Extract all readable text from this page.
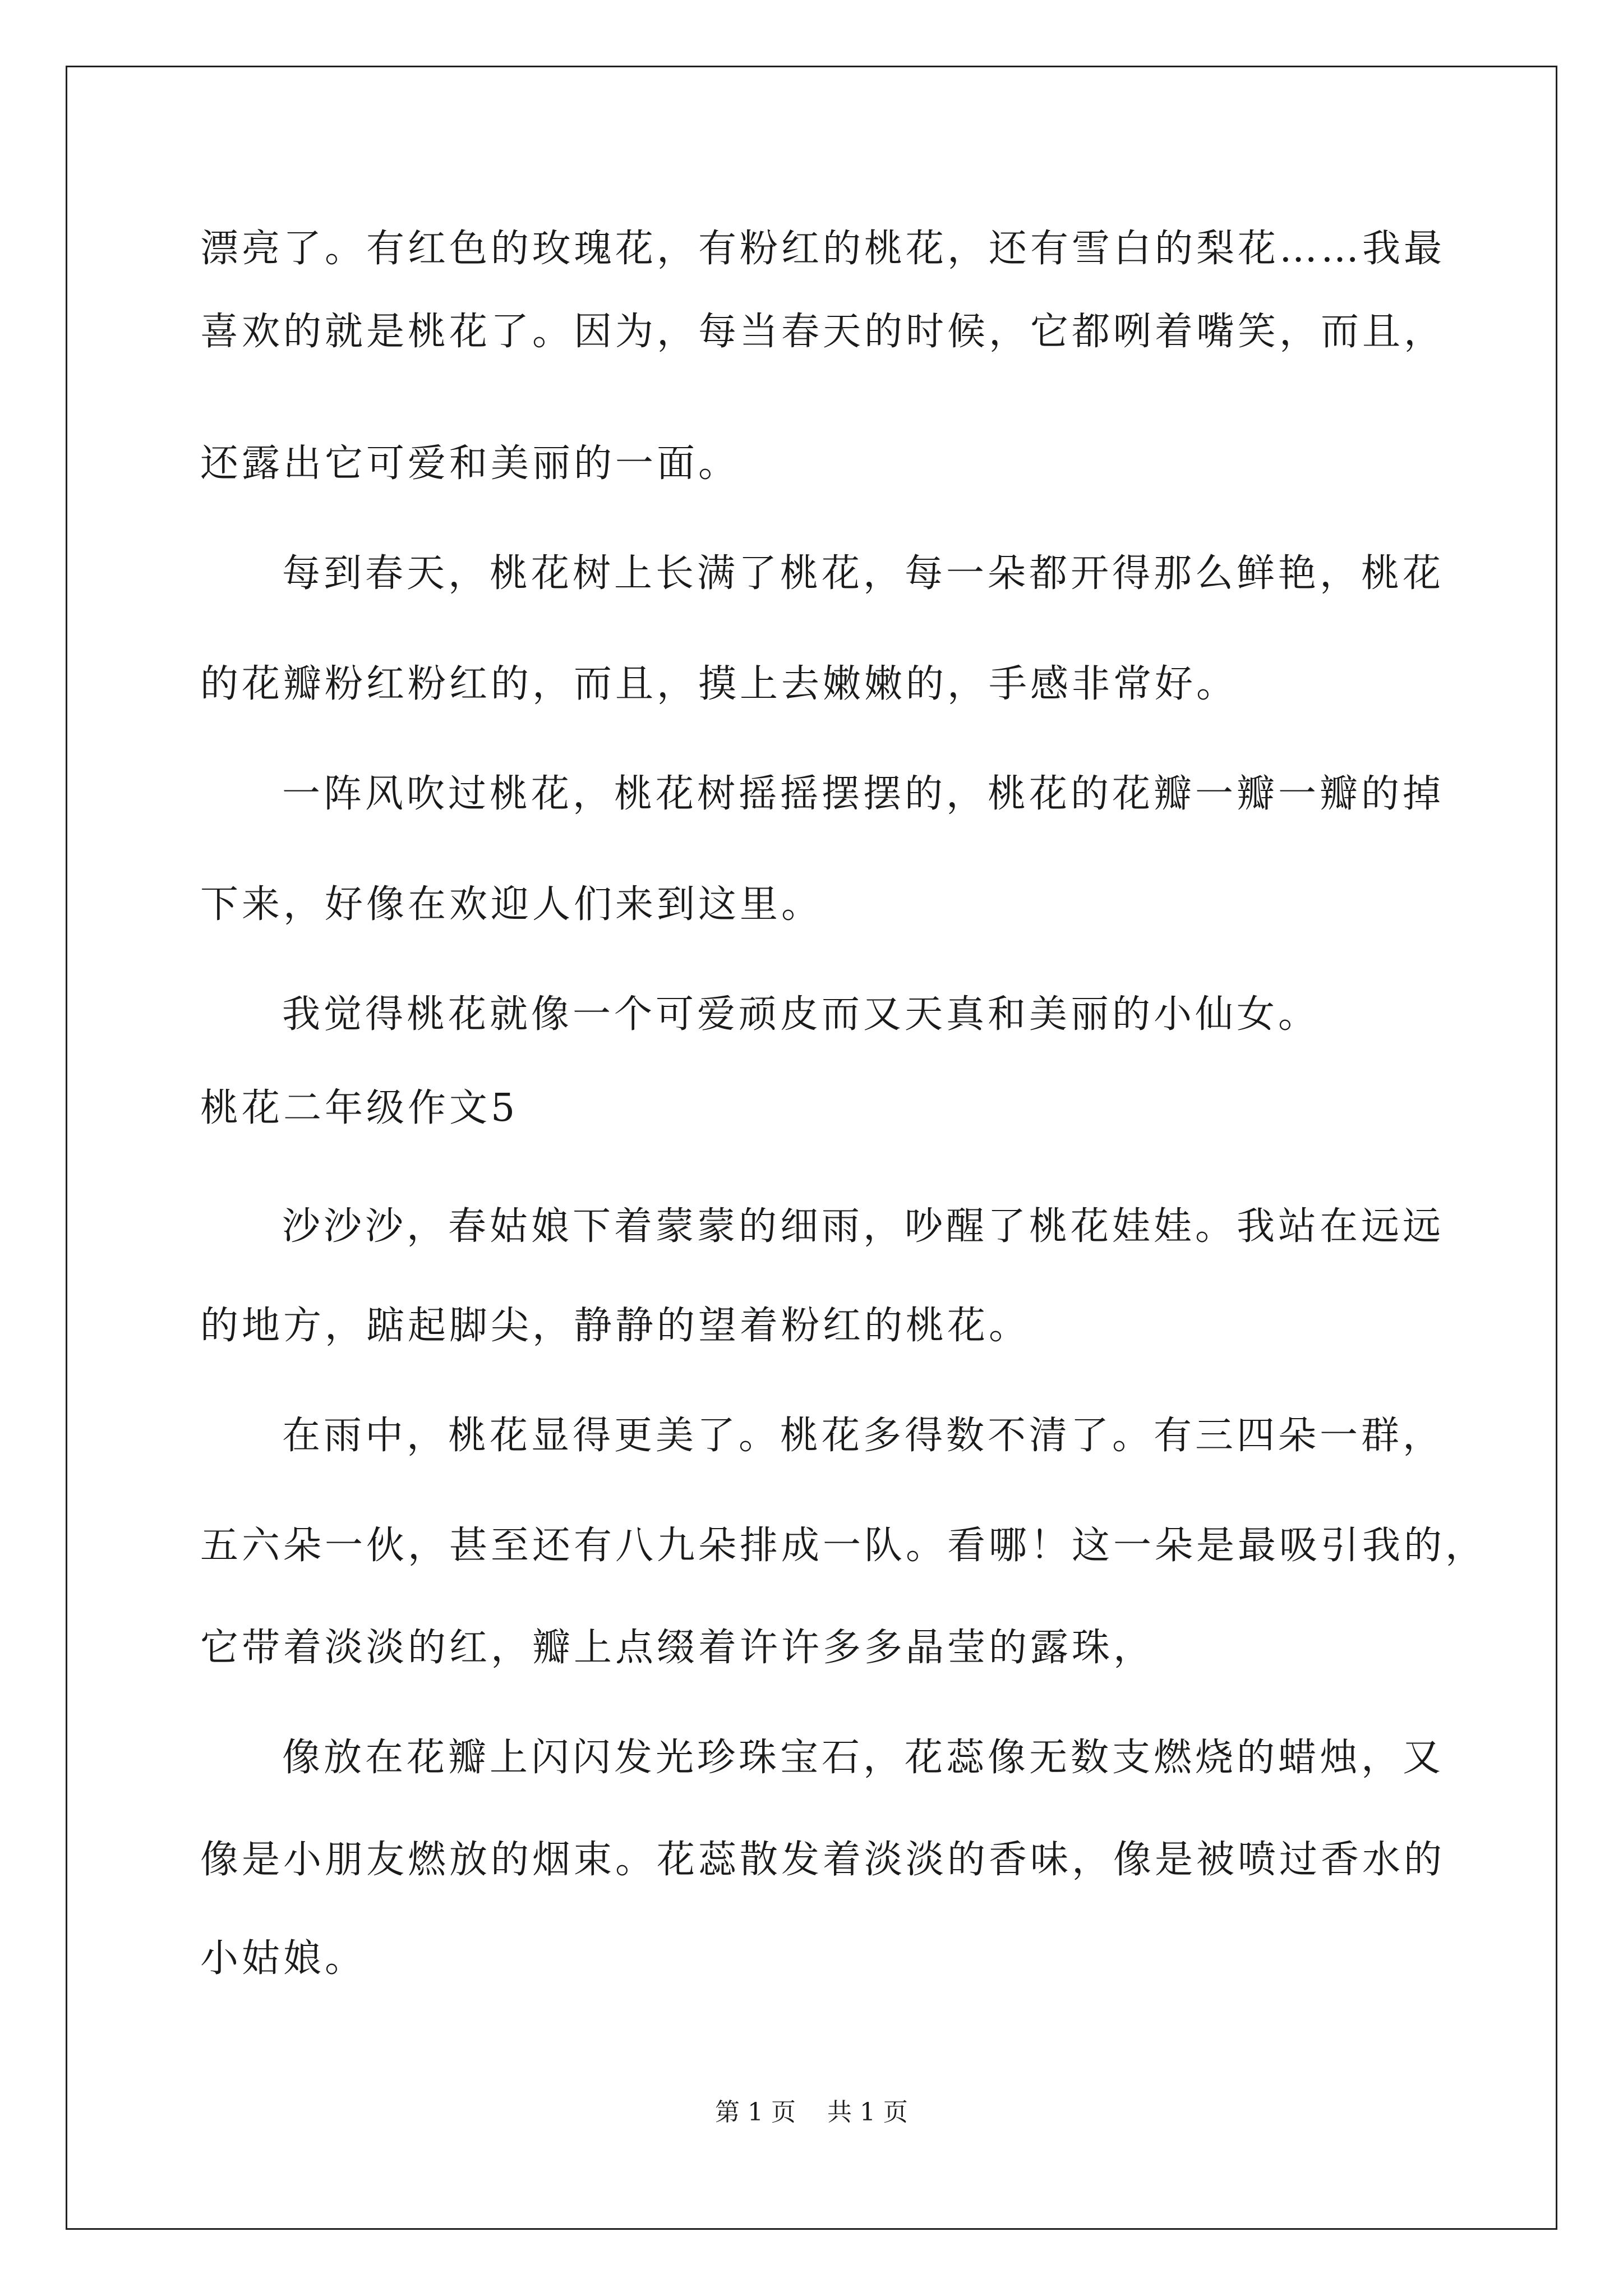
漂亮了。有红色的玫瑰花，有粉红的桃花，还有雪白的梨花……我最
喜欢的就是桃花了。因为，每当春天的时候，它都咧着嘴笑，而且，
还露出它可爱和美丽的一面。
每到春天，桃花树上长满了桃花，每一朵都开得那么鲜艳，桃花
的花瓣粉红粉红的，而且，摸上去嫩嫩的，手感非常好。
一阵风吹过桃花，桃花树摇摇摆摆的，桃花的花瓣一瓣一瓣的掉
下来，好像在欢迎人们来到这里。
我觉得桃花就像一个可爱顽皮而又天真和美丽的小仙女。
桃花二年级作文5
沙沙沙，春姑娘下着蒙蒙的细雨，吵醒了桃花娃娃。我站在远远
的地方，踮起脚尖，静静的望着粉红的桃花。
在雨中，桃花显得更美了。桃花多得数不清了。有三四朵一群，
五六朵一伙，甚至还有八九朵排成一队。看哪！这一朵是最吸引我的，
它带着淡淡的红，瓣上点缀着许许多多晶莹的露珠，
像放在花瓣上闪闪发光珍珠宝石，花蕊像无数支燃烧的蜡烛，又
像是小朋友燃放的烟束。花蕊散发着淡淡的香味，像是被喷过香水的
小姑娘。
第 1 页    共 1 页
